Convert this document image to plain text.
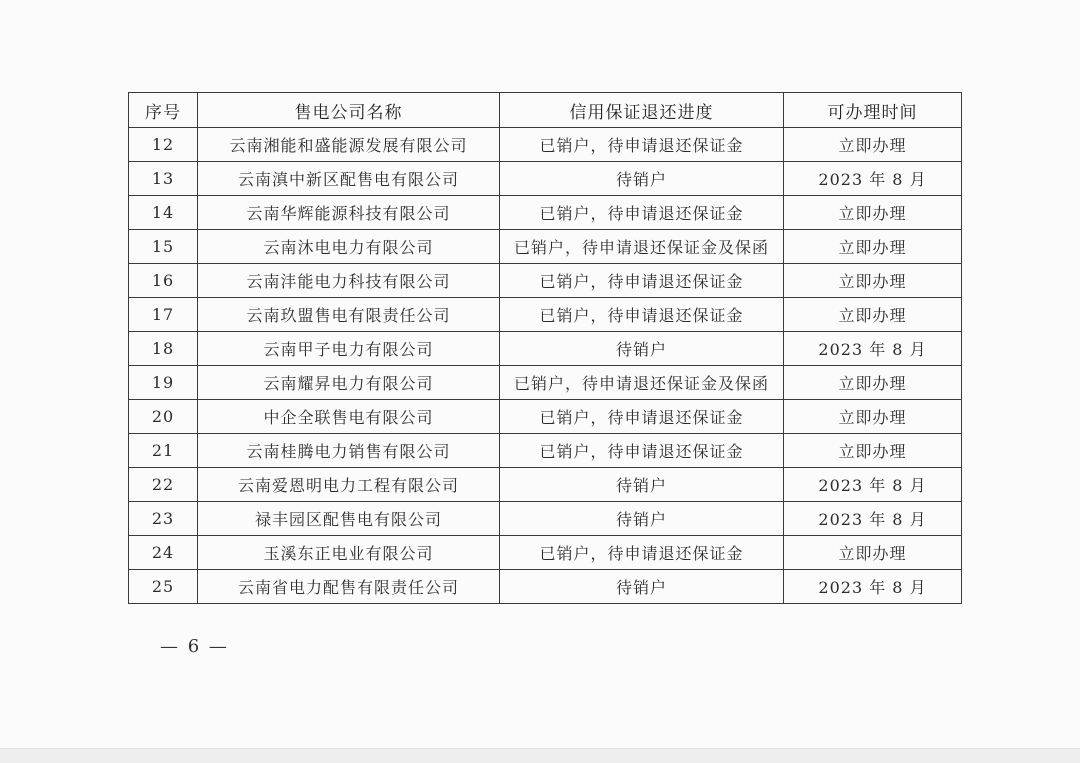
序号	售电公司名称	信用保证退还进度	可办理时间
12	云南湘能和盛能源发展有限公司	已销户，待申请退还保证金	立即办理
13	云南滇中新区配售电有限公司	待销户	2023 年 8 月
14	云南华辉能源科技有限公司	已销户，待申请退还保证金	立即办理
15	云南沐电电力有限公司	已销户，待申请退还保证金及保函	立即办理
16	云南沣能电力科技有限公司	已销户，待申请退还保证金	立即办理
17	云南玖盟售电有限责任公司	已销户，待申请退还保证金	立即办理
18	云南甲子电力有限公司	待销户	2023 年 8 月
19	云南耀昇电力有限公司	已销户，待申请退还保证金及保函	立即办理
20	中企全联售电有限公司	已销户，待申请退还保证金	立即办理
21	云南桂腾电力销售有限公司	已销户，待申请退还保证金	立即办理
22	云南爱恩明电力工程有限公司	待销户	2023 年 8 月
23	禄丰园区配售电有限公司	待销户	2023 年 8 月
24	玉溪东正电业有限公司	已销户，待申请退还保证金	立即办理
25	云南省电力配售有限责任公司	待销户	2023 年 8 月
— 6 —
